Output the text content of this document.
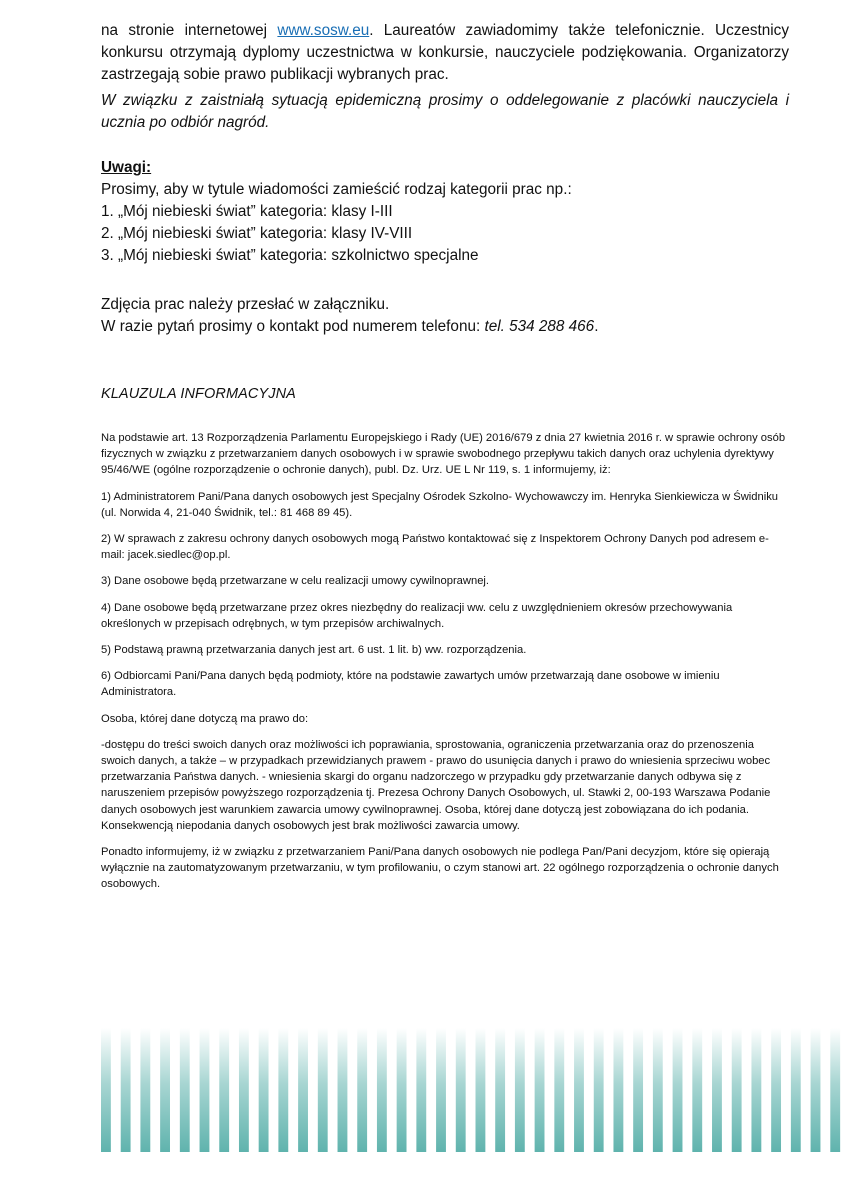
na stronie internetowej www.sosw.eu. Laureatów zawiadomimy także telefonicznie. Uczestnicy konkursu otrzymają dyplomy uczestnictwa w konkursie, nauczyciele podziękowania. Organizatorzy zastrzegają sobie prawo publikacji wybranych prac.
W związku z zaistniałą sytuacją epidemiczną prosimy o oddelegowanie z placówki nauczyciela i ucznia po odbiór nagród.
Uwagi:
Prosimy, aby w tytule wiadomości zamieścić rodzaj kategorii prac np.:
1. „Mój niebieski świat” kategoria: klasy I-III
2. „Mój niebieski świat” kategoria: klasy IV-VIII
3. „Mój niebieski świat” kategoria: szkolnictwo specjalne
Zdjęcia prac należy przesłać w załączniku.
W razie pytań prosimy o kontakt pod numerem telefonu: tel. 534 288 466.
KLAUZULA INFORMACYJNA

Na podstawie art. 13 Rozporządzenia Parlamentu Europejskiego i Rady (UE) 2016/679 z dnia 27 kwietnia 2016 r. w sprawie ochrony osób fizycznych w związku z przetwarzaniem danych osobowych i w sprawie swobodnego przepływu takich danych oraz uchylenia dyrektywy 95/46/WE (ogólne rozporządzenie o ochronie danych), publ. Dz. Urz. UE L Nr 119, s. 1 informujemy, iż:

1) Administratorem Pani/Pana danych osobowych jest Specjalny Ośrodek Szkolno- Wychowawczy im. Henryka Sienkiewicza w Świdniku (ul. Norwida 4, 21-040 Świdnik, tel.: 81 468 89 45).

2) W sprawach z zakresu ochrony danych osobowych mogą Państwo kontaktować się z Inspektorem Ochrony Danych pod adresem e-mail: jacek.siedlec@op.pl.

3) Dane osobowe będą przetwarzane w celu realizacji umowy cywilnoprawnej.

4) Dane osobowe będą przetwarzane przez okres niezbędny do realizacji ww. celu z uwzględnieniem okresów przechowywania określonych w przepisach odrębnych, w tym przepisów archiwalnych.

5) Podstawą prawną przetwarzania danych jest art. 6 ust. 1 lit. b) ww. rozporządzenia.

6) Odbiorcami Pani/Pana danych będą podmioty, które na podstawie zawartych umów przetwarzają dane osobowe w imieniu Administratora.

Osoba, której dane dotyczą ma prawo do:

-dostępu do treści swoich danych oraz możliwości ich poprawiania, sprostowania, ograniczenia przetwarzania oraz do przenoszenia swoich danych, a także – w przypadkach przewidzianych prawem - prawo do usunięcia danych i prawo do wniesienia sprzeciwu wobec przetwarzania Państwa danych. - wniesienia skargi do organu nadzorczego w przypadku gdy przetwarzanie danych odbywa się z naruszeniem przepisów powyższego rozporządzenia tj. Prezesa Ochrony Danych Osobowych, ul. Stawki 2, 00-193 Warszawa Podanie danych osobowych jest warunkiem zawarcia umowy cywilnoprawnej. Osoba, której dane dotyczą jest zobowiązana do ich podania. Konsekwencją niepodania danych osobowych jest brak możliwości zawarcia umowy.

Ponadto informujemy, iż w związku z przetwarzaniem Pani/Pana danych osobowych nie podlega Pan/Pani decyzjom, które się opierają wyłącznie na zautomatyzowanym przetwarzaniu, w tym profilowaniu, o czym stanowi art. 22 ogólnego rozporządzenia o ochronie danych osobowych.
